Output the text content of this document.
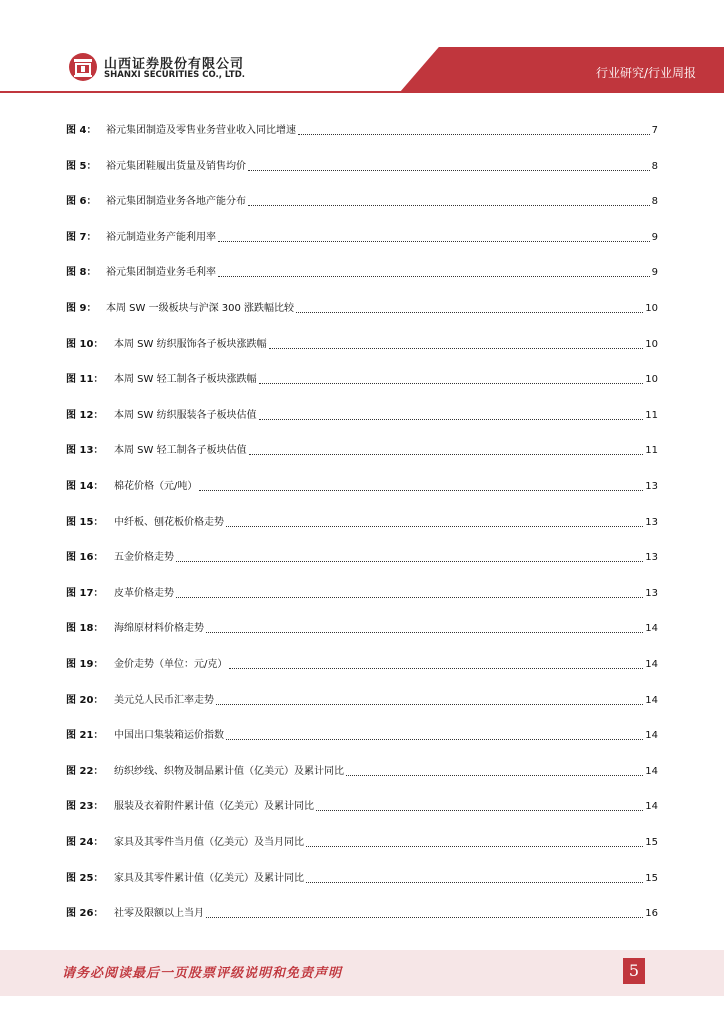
山西证券股份有限公司
SHANXI SECURITIES CO., LTD.	行业研究/行业周报
图 4： 裕元集团制造及零售业务营业收入同比增速	7
图 5： 裕元集团鞋履出货量及销售均价	8
图 6： 裕元集团制造业务各地产能分布	8
图 7： 裕元制造业务产能利用率	9
图 8： 裕元集团制造业务毛利率	9
图 9： 本周 SW 一级板块与沪深 300 涨跌幅比较	10
图 10：	本周 SW 纺织服饰各子板块涨跌幅	10
图 11：	本周 SW 轻工制各子板块涨跌幅	10
图 12：	本周 SW 纺织服装各子板块估值	11
图 13：	本周 SW 轻工制各子板块估值	11
图 14：	棉花价格（元/吨）	13
图 15：	中纤板、刨花板价格走势	13
图 16：	五金价格走势	13
图 17：	皮革价格走势	13
图 18：	海绵原材料价格走势	14
图 19：	金价走势（单位：元/克）	14
图 20：	美元兑人民币汇率走势	14
图 21：	中国出口集装箱运价指数	14
图 22：	纺织纱线、织物及制品累计值（亿美元）及累计同比	14
图 23：	服装及衣着附件累计值（亿美元）及累计同比	14
图 24：	家具及其零件当月值（亿美元）及当月同比	15
图 25：	家具及其零件累计值（亿美元）及累计同比	15
图 26：	社零及限额以上当月	16
请务必阅读最后一页股票评级说明和免责声明	5
